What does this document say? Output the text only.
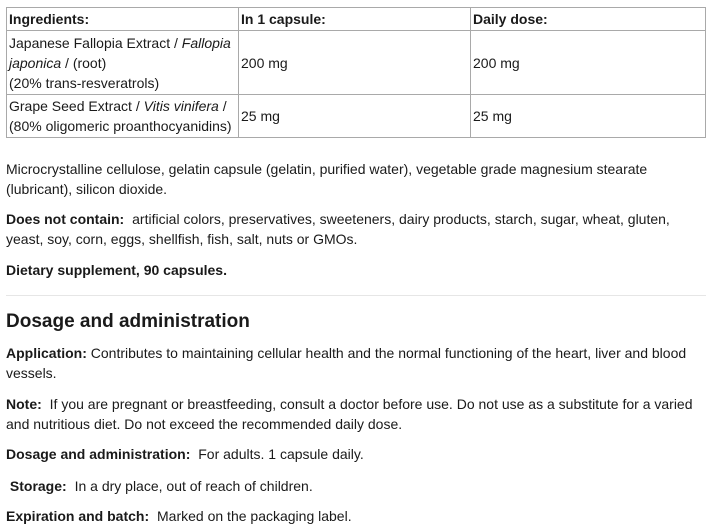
Ingredients:	In 1 capsule:	Daily dose:
Japanese Fallopia Extract / Fallopia japonica / (root)
(20% trans-resveratrols)	200 mg	200 mg
Grape Seed Extract / Vitis vinifera /
(80% oligomeric proanthocyanidins)	25 mg	25 mg

Microcrystalline cellulose, gelatin capsule (gelatin, purified water), vegetable grade magnesium stearate (lubricant), silicon dioxide.

Does not contain: artificial colors, preservatives, sweeteners, dairy products, starch, sugar, wheat, gluten, yeast, soy, corn, eggs, shellfish, fish, salt, nuts or GMOs.

Dietary supplement, 90 capsules.

Dosage and administration

Application: Contributes to maintaining cellular health and the normal functioning of the heart, liver and blood vessels.

Note: If you are pregnant or breastfeeding, consult a doctor before use. Do not use as a substitute for a varied and nutritious diet. Do not exceed the recommended daily dose.

Dosage and administration: For adults. 1 capsule daily.

Storage: In a dry place, out of reach of children.

Expiration and batch: Marked on the packaging label.
